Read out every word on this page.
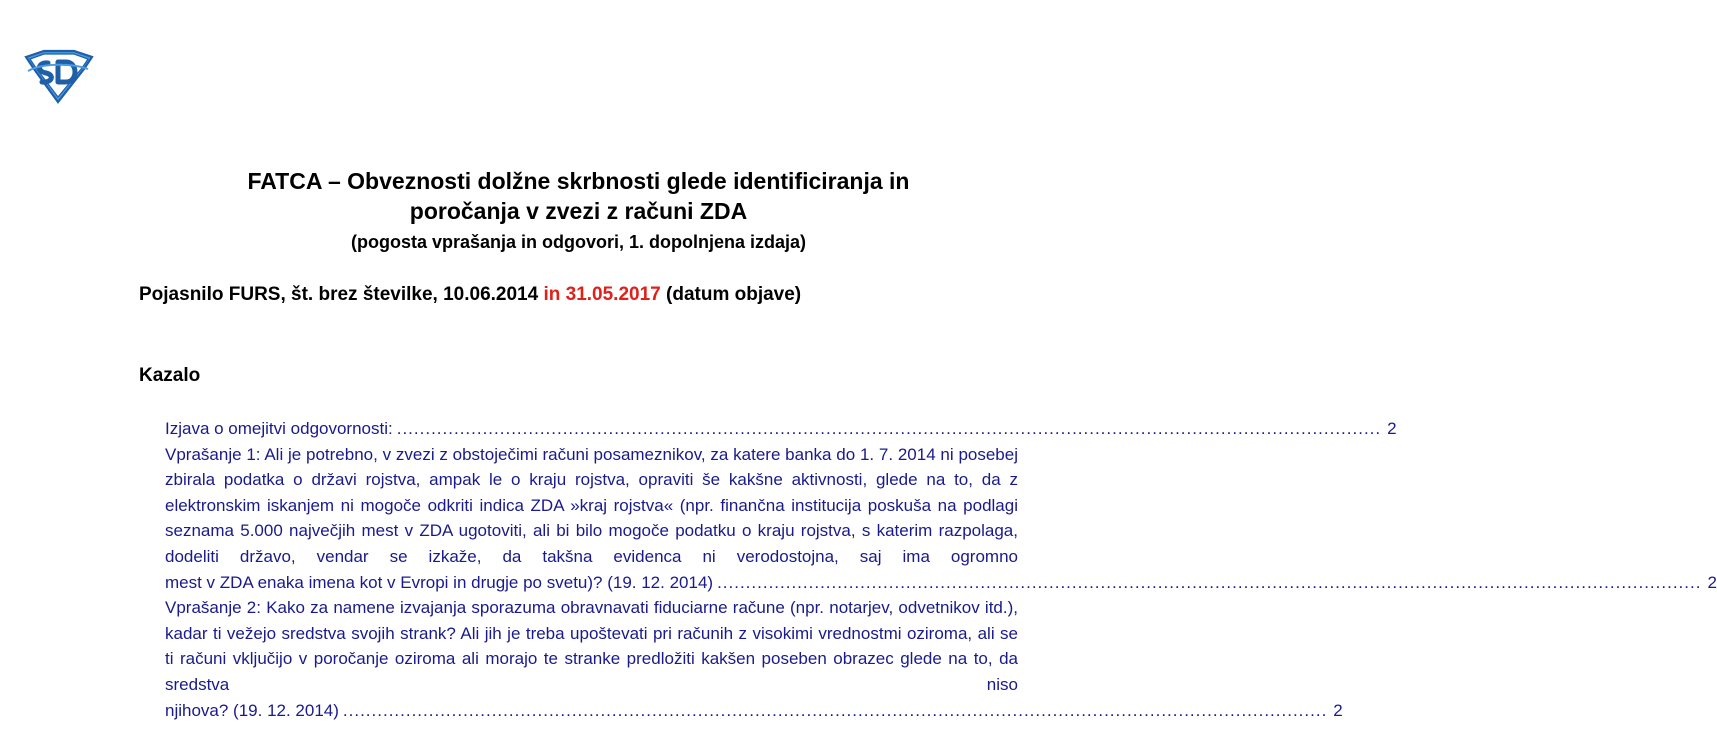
FATCA – Obveznosti dolžne skrbnosti glede identificiranja in
poročanja v zvezi z računi ZDA
(pogosta vprašanja in odgovori, 1. dopolnjena izdaja)
Pojasnilo FURS, št. brez številke, 10.06.2014 in 31.05.2017 (datum objave)
Kazalo

Izjava o omejitvi odgovornosti: ............................................................................................................................................................................ 2

Vprašanje 1: Ali je potrebno, v zvezi z obstoječimi računi posameznikov, za katere banka do 1. 7. 2014 ni posebej zbirala podatka o državi rojstva, ampak le o kraju rojstva, opraviti še kakšne aktivnosti, glede na to, da z elektronskim iskanjem ni mogoče odkriti indica ZDA »kraj rojstva« (npr. finančna institucija poskuša na podlagi seznama 5.000 največjih mest v ZDA ugotoviti, ali bi bilo mogoče podatku o kraju rojstva, s katerim razpolaga, dodeliti državo, vendar se izkaže, da takšna evidenca ni verodostojna, saj ima ogromno

mest v ZDA enaka imena kot v Evropi in drugje po svetu)? (19. 12. 2014) ............................................................................................................................................................................ 2

Vprašanje 2: Kako za namene izvajanja sporazuma obravnavati fiduciarne račune (npr. notarjev, odvetnikov itd.), kadar ti vežejo sredstva svojih strank? Ali jih je treba upoštevati pri računih z visokimi vrednostmi oziroma, ali se ti računi vključijo v poročanje oziroma ali morajo te stranke predložiti kakšen poseben obrazec glede na to, da sredstva niso

njihova? (19. 12. 2014) ............................................................................................................................................................................ 2
